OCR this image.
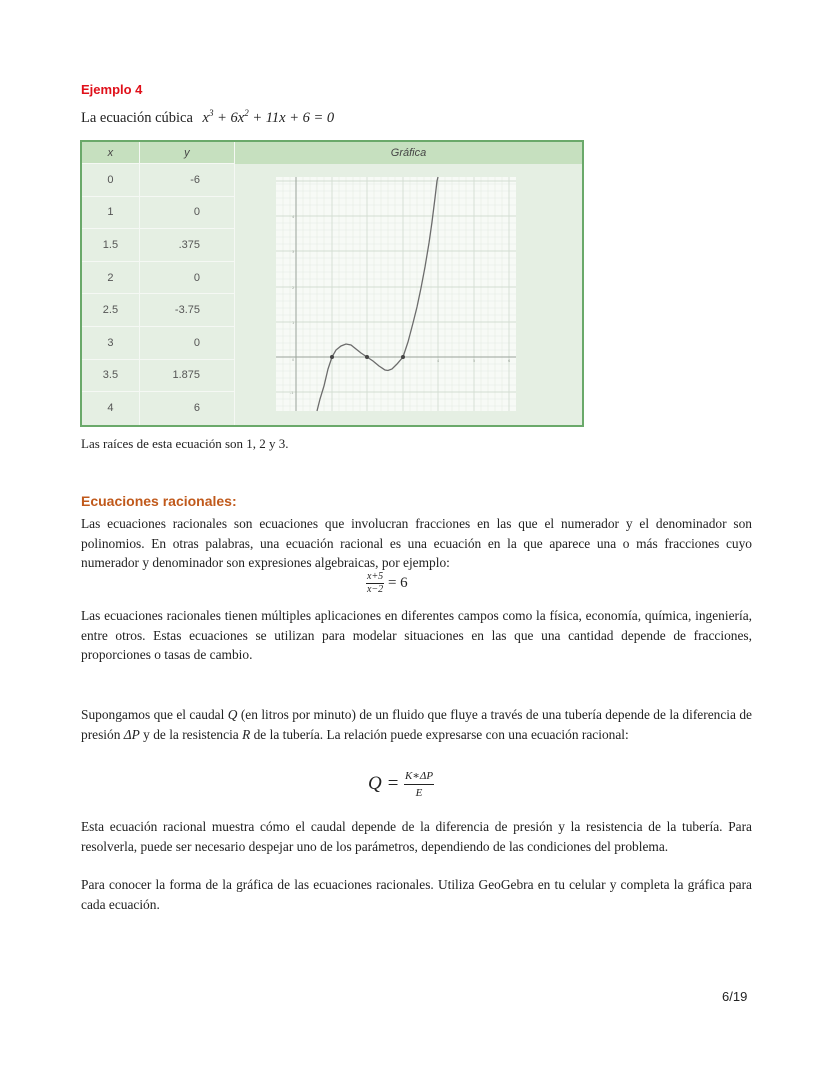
Ejemplo 4
La ecuación cúbica $x^3 + 6x^2 + 11x + 6 = 0$
x	y	Gráfica
0	-6	
0	4	5	6
1
2
3
4
-1

1	0	
1.5	.375	
2	0	
2.5	-3.75	
3	0	
3.5	1.875	
4	6	
Las raíces de esta ecuación son 1, 2 y 3.
Ecuaciones racionales:
Las ecuaciones racionales son ecuaciones que involucran fracciones en las que el numerador y el denominador son polinomios. En otras palabras, una ecuación racional es una ecuación en la que aparece una o más fracciones cuyo numerador y denominador son expresiones algebraicas, por ejemplo:
$\frac{x+5}{x-2} = 6$
Las ecuaciones racionales tienen múltiples aplicaciones en diferentes campos como la física, economía, química, ingeniería, entre otros. Estas ecuaciones se utilizan para modelar situaciones en las que una cantidad depende de fracciones, proporciones o tasas de cambio.
Supongamos que el caudal Q (en litros por minuto) de un fluido que fluye a través de una tubería depende de la diferencia de presión ΔP y de la resistencia R de la tubería. La relación puede expresarse con una ecuación racional:
$Q = \frac{K∗\Delta P}{E}$
Esta ecuación racional muestra cómo el caudal depende de la diferencia de presión y la resistencia de la tubería. Para resolverla, puede ser necesario despejar uno de los parámetros, dependiendo de las condiciones del problema.
Para conocer la forma de la gráfica de las ecuaciones racionales. Utiliza GeoGebra en tu celular y completa la gráfica para cada ecuación.
6/19
